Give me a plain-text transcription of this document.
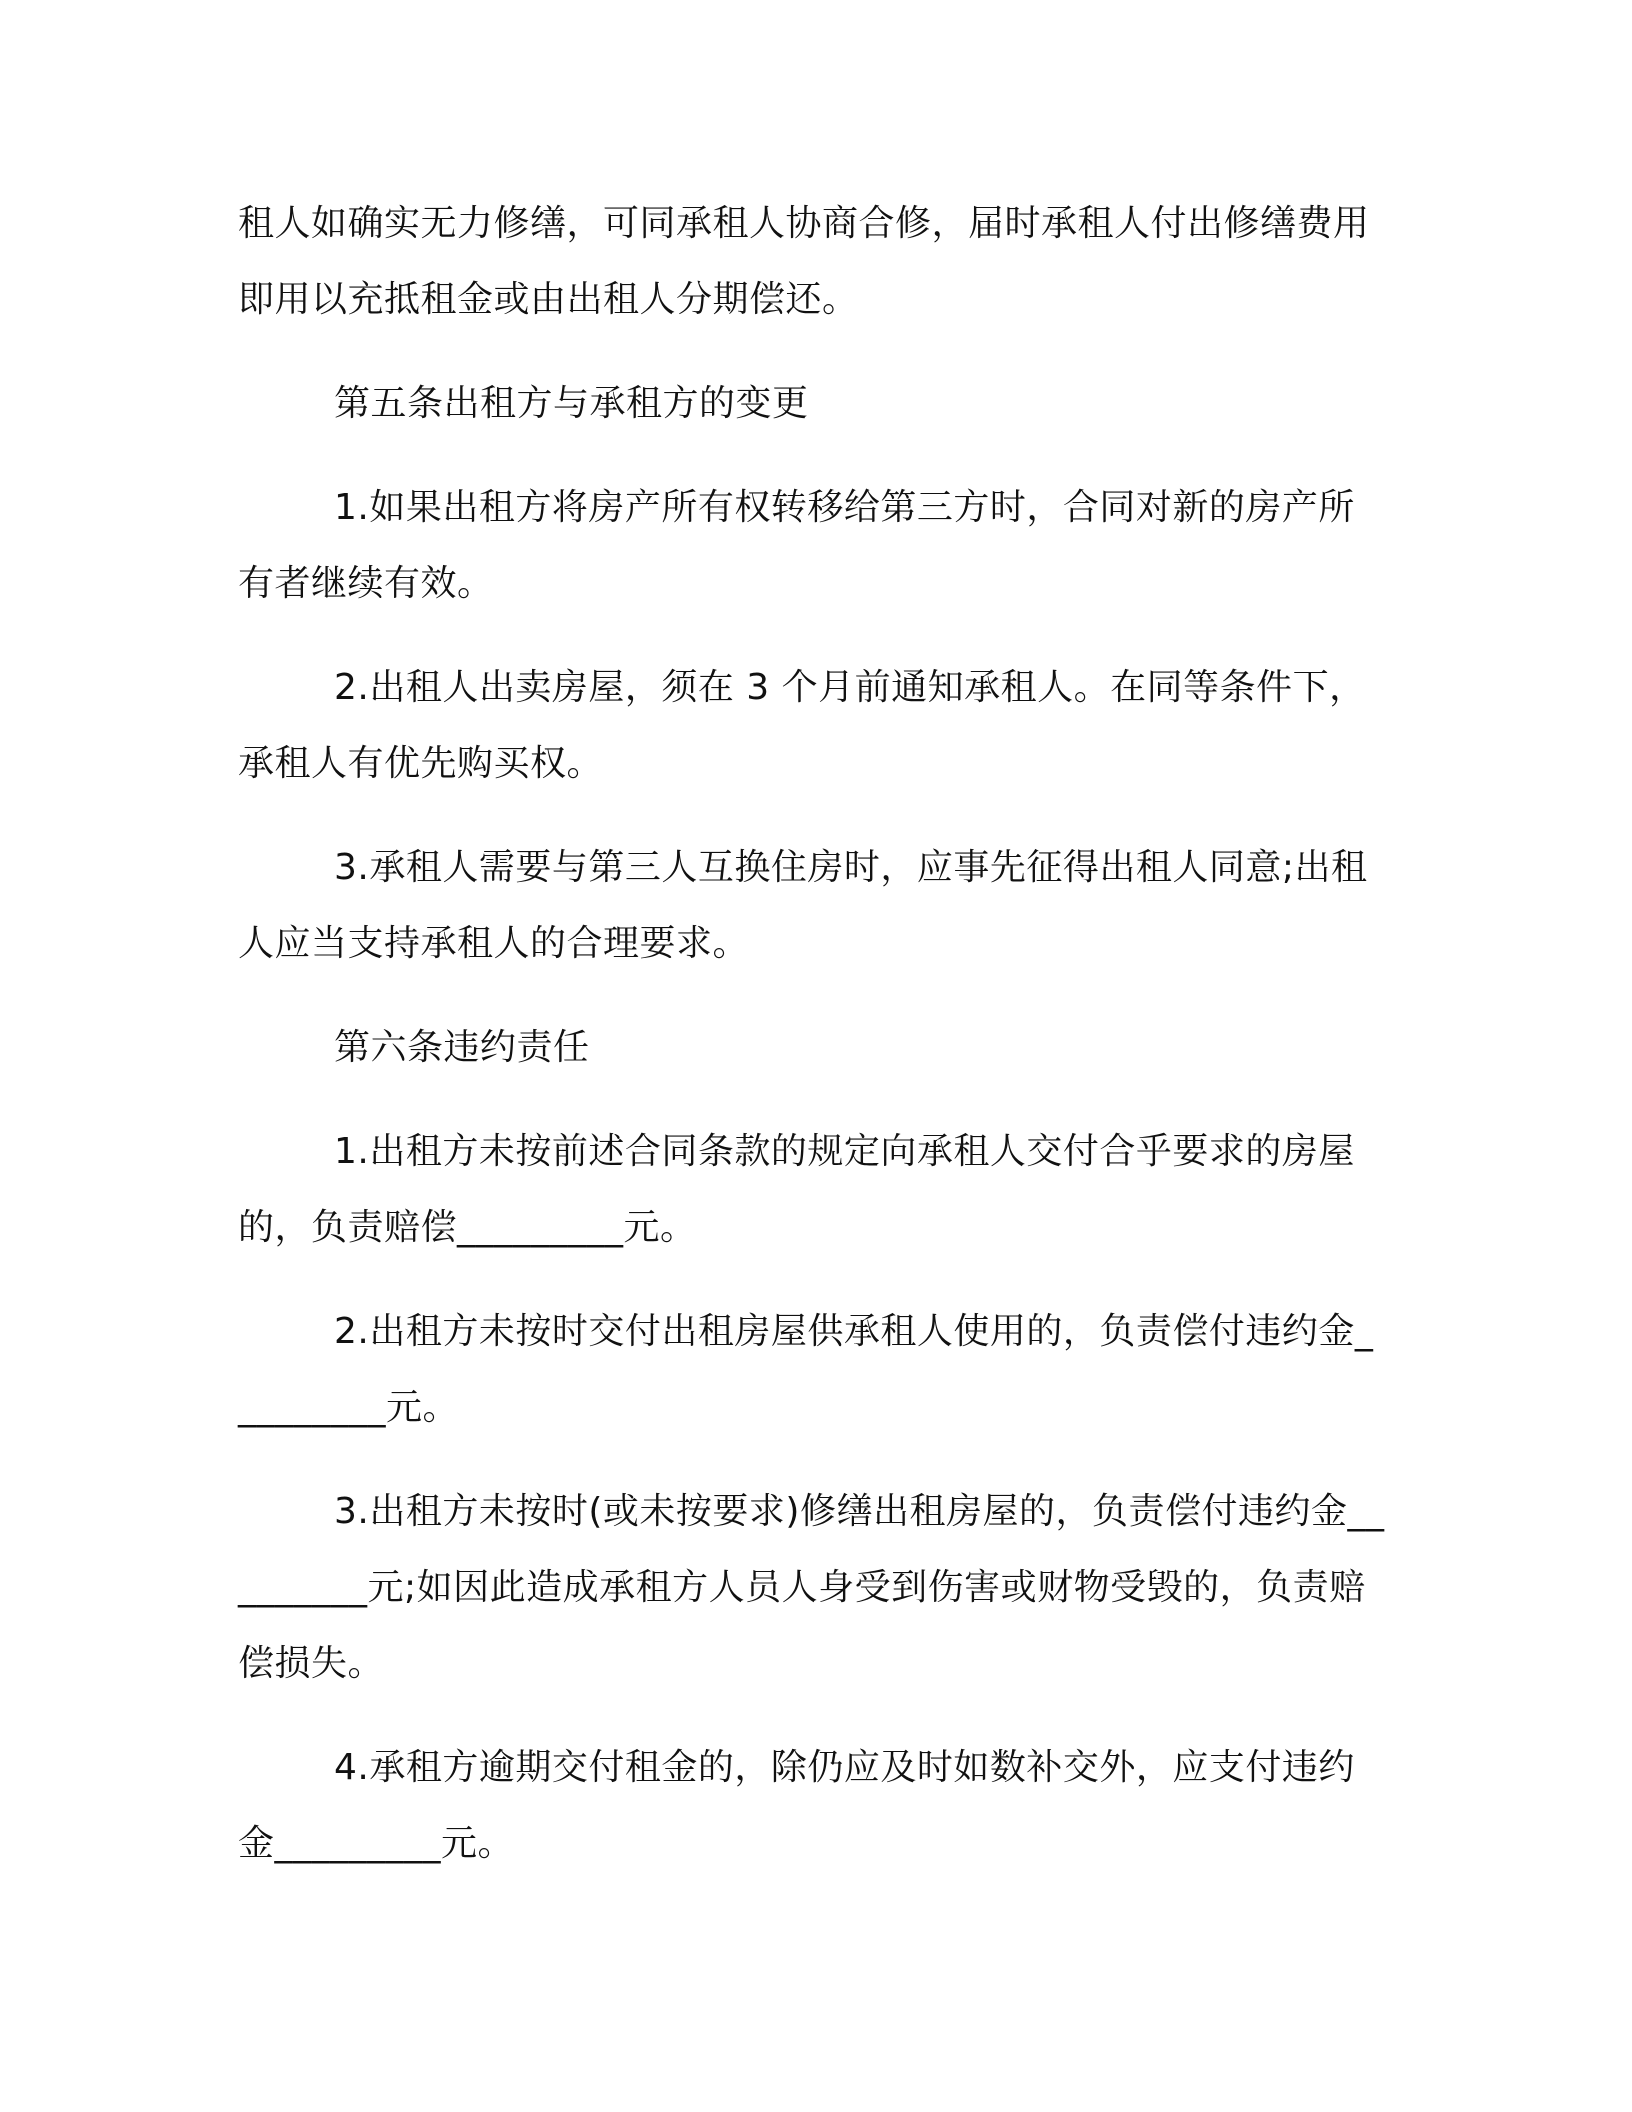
租人如确实无力修缮，可同承租人协商合修，届时承租人付出修缮费用即用以充抵租金或由出租人分期偿还。

第五条出租方与承租方的变更

1.如果出租方将房产所有权转移给第三方时，合同对新的房产所有者继续有效。

2.出租人出卖房屋，须在 3 个月前通知承租人。在同等条件下，承租人有优先购买权。

3.承租人需要与第三人互换住房时，应事先征得出租人同意;出租人应当支持承租人的合理要求。

第六条违约责任

1.出租方未按前述合同条款的规定向承租人交付合乎要求的房屋的，负责赔偿_________元。

2.出租方未按时交付出租房屋供承租人使用的，负责偿付违约金_________元。

3.出租方未按时(或未按要求)修缮出租房屋的，负责偿付违约金_________元;如因此造成承租方人员人身受到伤害或财物受毁的，负责赔偿损失。

4.承租方逾期交付租金的，除仍应及时如数补交外，应支付违约金_________元。
